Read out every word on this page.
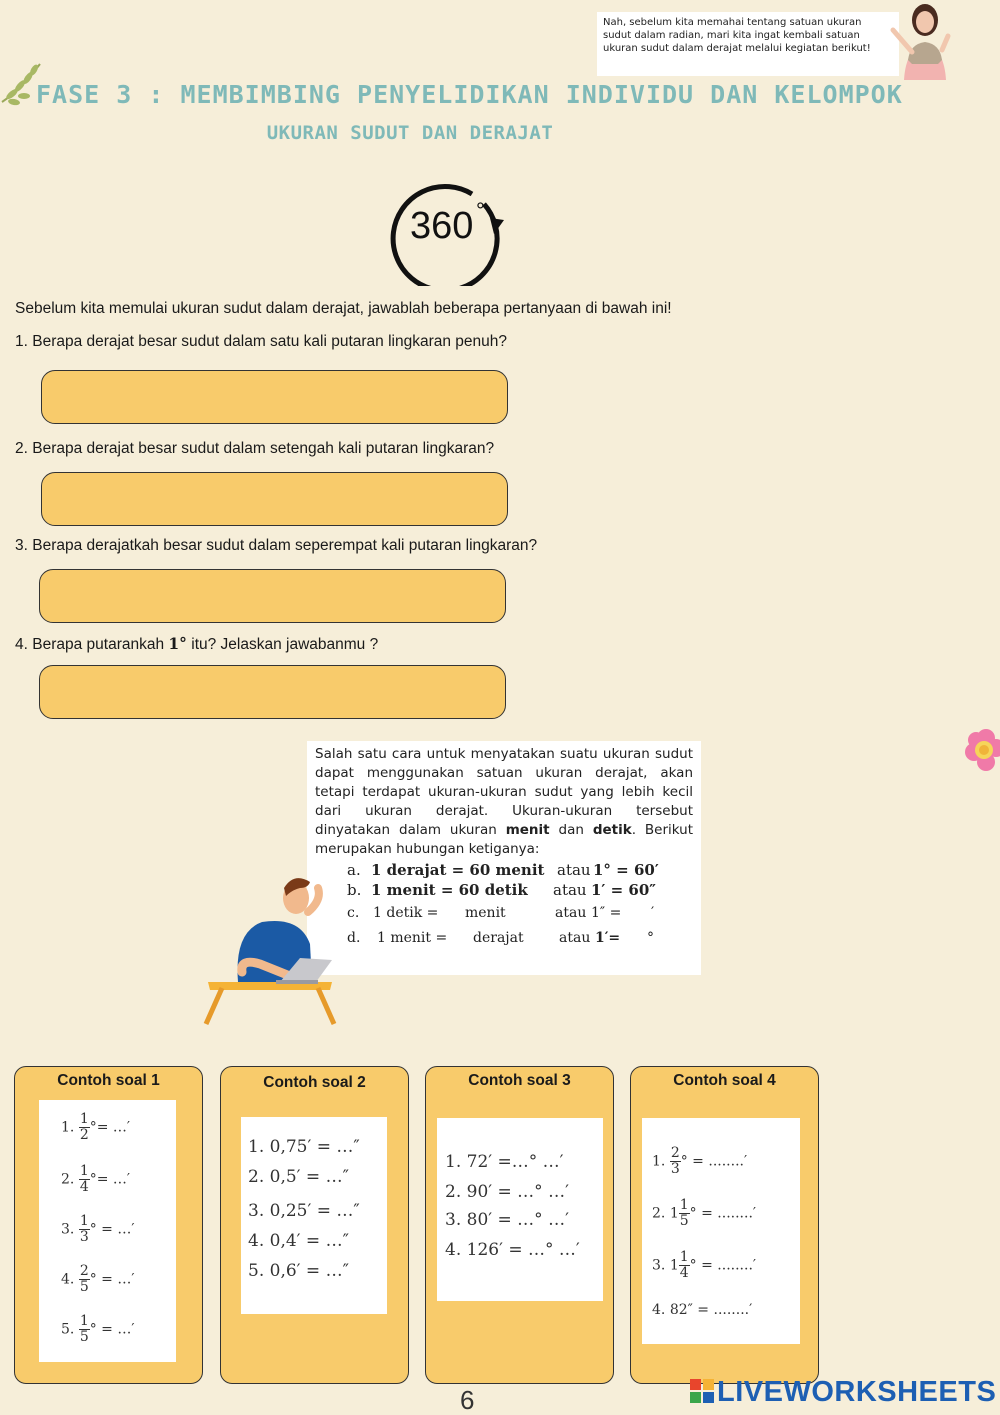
Nah, sebelum kita memahai tentang satuan ukuran sudut dalam radian, mari kita ingat kembali satuan ukuran sudut dalam derajat melalui kegiatan berikut!
FASE 3 : MEMBIMBING PENYELIDIKAN INDIVIDU DAN KELOMPOK
UKURAN SUDUT DAN DERAJAT
360 °
Sebelum kita memulai ukuran sudut dalam derajat, jawablah beberapa pertanyaan di bawah ini!
1. Berapa derajat besar sudut dalam satu kali putaran lingkaran penuh?
2. Berapa derajat besar sudut dalam setengah kali putaran lingkaran?
3. Berapa derajatkah besar sudut dalam seperempat kali putaran lingkaran?
4. Berapa putarankah 1° itu? Jelaskan jawabanmu ?

Salah satu cara untuk menyatakan suatu ukuran sudut dapat menggunakan satuan ukuran derajat, akan tetapi terdapat ukuran-ukuran sudut yang lebih kecil dari ukuran derajat. Ukuran-ukuran tersebut dinyatakan dalam ukuran menit dan detik. Berikut merupakan hubungan ketiganya:

a. 1 derajat = 60 menit atau 1° = 60′
b. 1 menit = 60 detik atau 1′ = 60″
c. 1 detik = menit	atau 1″ = ′
d. 1 menit = derajat	atau 1′= °
Contoh soal 1
1. $\frac{1}{2}$ °= …′
2. $\frac{1}{4}$ °= …′
3. $\frac{1}{3}$ ° = …′
4. $\frac{2}{5}$ ° = …′
5. $\frac{1}{5}$ ° = …′
Contoh soal 2
1. 0,75′ = …″
2. 0,5′ = …″
3. 0,25′ = …″
4. 0,4′ = …″
5. 0,6′ = …″
Contoh soal 3
1. 72′ =…° …′
2. 90′ = …° …′
3. 80′ = …° …′
4. 126′ = …° …′
Contoh soal 4
1. $\frac{2}{3}$ ° = ........′
2. $1 \frac{1}{5}$ ° = ........′
3. $1 \frac{1}{4}$ ° = ........′
4. 82″ = ........′
6	LIVEWORKSHEETS
